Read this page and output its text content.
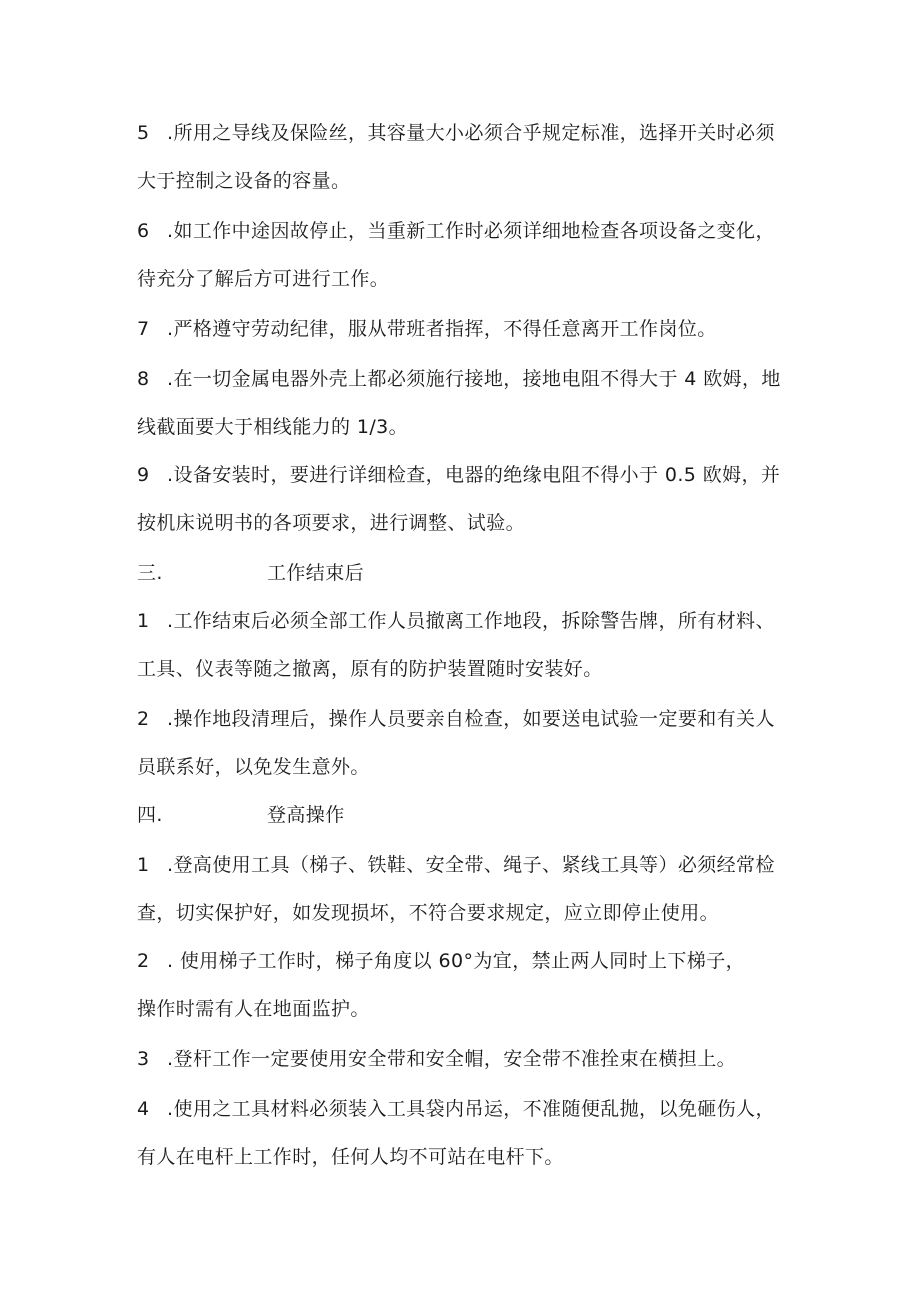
5 .所用之导线及保险丝，其容量大小必须合乎规定标准，选择开关时必须
大于控制之设备的容量。
6 .如工作中途因故停止，当重新工作时必须详细地检查各项设备之变化，
待充分了解后方可进行工作。
7 .严格遵守劳动纪律，服从带班者指挥，不得任意离开工作岗位。
8 .在一切金属电器外壳上都必须施行接地，接地电阻不得大于 4 欧姆，地
线截面要大于相线能力的 1/3。
9 .设备安装时，要进行详细检查，电器的绝缘电阻不得小于 0.5 欧姆，并
按机床说明书的各项要求，进行调整、试验。
三.	工作结束后
1 .工作结束后必须全部工作人员撤离工作地段，拆除警告牌，所有材料、
工具、仪表等随之撤离，原有的防护装置随时安装好。
2 .操作地段清理后，操作人员要亲自检查，如要送电试验一定要和有关人
员联系好，以免发生意外。
四.	登高操作
1 .登高使用工具（梯子、铁鞋、安全带、绳子、紧线工具等）必须经常检
查，切实保护好，如发现损坏，不符合要求规定，应立即停止使用。
2 . 使用梯子工作时，梯子角度以 60°为宜，禁止两人同时上下梯子，
操作时需有人在地面监护。
3 .登杆工作一定要使用安全带和安全帽，安全带不准拴束在横担上。
4 .使用之工具材料必须装入工具袋内吊运，不准随便乱抛，以免砸伤人，
有人在电杆上工作时，任何人均不可站在电杆下。
